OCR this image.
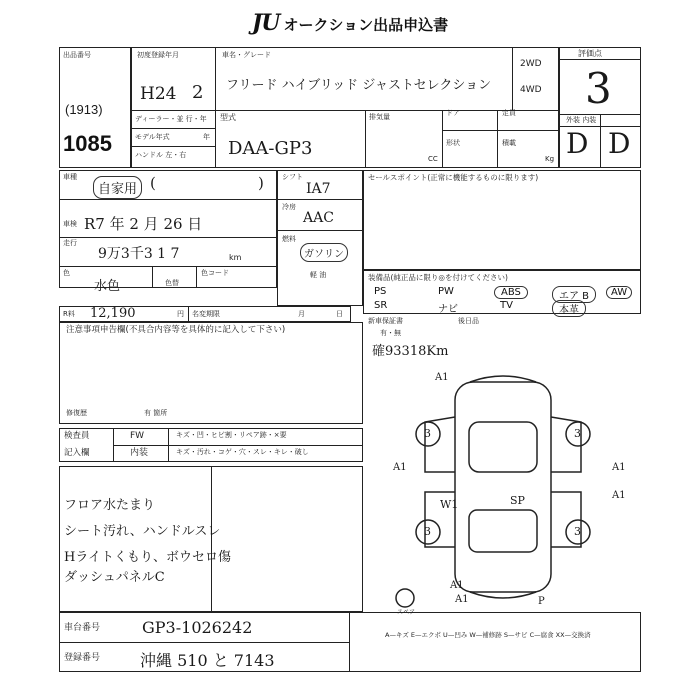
JU オークション出品申込書
出品番号
(1913)
1085
初度登録年月
H24 2
車名・グレード
フリード ハイブリッド ジャストセレクション
2WD
4WD
ディーラー・並 行・年
モデル年式	年
ハンドル 左・右
型式
DAA-GP3
排気量
CC
ドア	定員
形状	積載
Kg
評価点
3
外装 内装
D D
車種
自家用 (	)
車検 R7 年 2 月 26 日
走行
9万3千3 1 7	km
色
水色	色替
色コード
R料 12,190	円 名変期限	月	日
シフト
IA7
冷房
AAC
燃料
ガソリン
軽 油
セールスポイント(正常に機能するものに限ります)
装備品(純正品に限り◎を付けてください)
PS	PW	ABS	エア B	AW
SR	ナビ	TV	本革
新車保証書
有・無
後日品
確93318Km
注意事項申告欄(不具合内容等を具体的に記入して下さい)
修復歴	有 箇所
検査員	FW	キズ・凹・ヒビ割・リペア跡・×要
記入欄	内装	キズ・汚れ・コゲ・穴・スレ・キレ・破し
フロア水たまり
シート汚れ、ハンドルスレ
Hライトくもり、ボウセロ傷
ダッシュパネルC
A1
A1	A1
A1
A1
A1
W1	SP
P
3	3
3	3
スペア
車台番号	GP3-1026242
登録番号 沖縄 510 と 7143
A—キズ E—エクボ U—凹み W—補修跡 S—サビ C—腐食 XX—交換済
